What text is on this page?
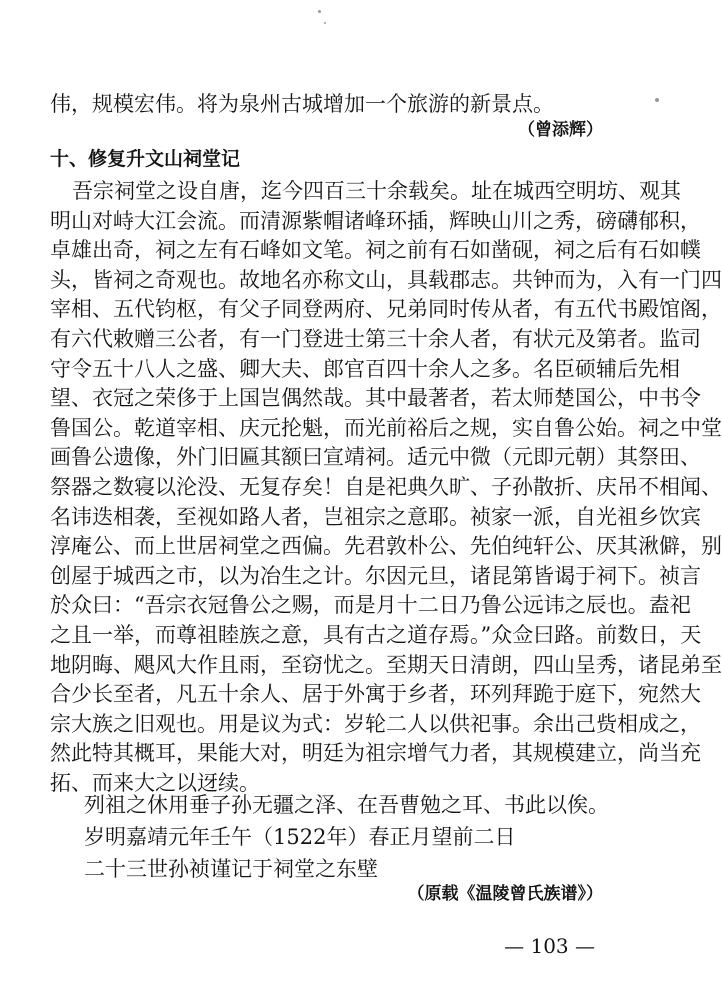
伟，规模宏伟。将为泉州古城增加一个旅游的新景点。
（曾添辉）
十、修复升文山祠堂记
吾宗祠堂之设自唐，迄今四百三十余载矣。址在城西空明坊、观其
明山对峙大江会流。而清源紫帽诸峰环插，辉映山川之秀，磅礴郁积，
卓雄出奇，祠之左有石峰如文笔。祠之前有石如凿砚，祠之后有石如幞
头，皆祠之奇观也。故地名亦称文山，具载郡志。共钟而为，入有一门四
宰相、五代钧枢，有父子同登两府、兄弟同时传从者，有五代书殿馆阁，
有六代敕赠三公者，有一门登进士第三十余人者，有状元及第者。监司
守令五十八人之盛、卿大夫、郎官百四十余人之多。名臣硕辅后先相
望、衣冠之荣侈于上国岂偶然哉。其中最著者，若太师楚国公，中书令
鲁国公。乾道宰相、庆元抡魁，而光前裕后之规，实自鲁公始。祠之中堂
画鲁公遗像，外门旧匾其额曰宣靖祠。适元中微（元即元朝）其祭田、
祭器之数寝以沦没、无复存矣！自是祀典久旷、子孙散折、庆吊不相闻、
名讳迭相袭，至视如路人者，岂祖宗之意耶。祯家一派，自光祖乡饮宾
淳庵公、而上世居祠堂之西偏。先君敦朴公、先伯纯轩公、厌其湫僻，别
创屋于城西之市，以为冶生之计。尔因元旦，诸昆第皆谒于祠下。祯言
於众曰：“吾宗衣冠鲁公之赐，而是月十二日乃鲁公远讳之辰也。盍祀
之且一举，而尊祖睦族之意，具有古之道存焉。”众佥曰路。前数日，天
地阴晦、飓风大作且雨，至窃忧之。至期天日清朗，四山呈秀，诸昆弟至
合少长至者，凡五十余人、居于外寓于乡者，环列拜跪于庭下，宛然大
宗大族之旧观也。用是议为式：岁轮二人以供祀事。余出己赀相成之，
然此特其概耳，果能大对，明廷为祖宗增气力者，其规模建立，尚当充
拓、而来大之以迓续。
列祖之休用垂子孙无疆之泽、在吾曹勉之耳、书此以俟。
岁明嘉靖元年壬午（1522年）春正月望前二日
二十三世孙祯谨记于祠堂之东壁
（原载《温陵曾氏族谱》）
— 103 —
